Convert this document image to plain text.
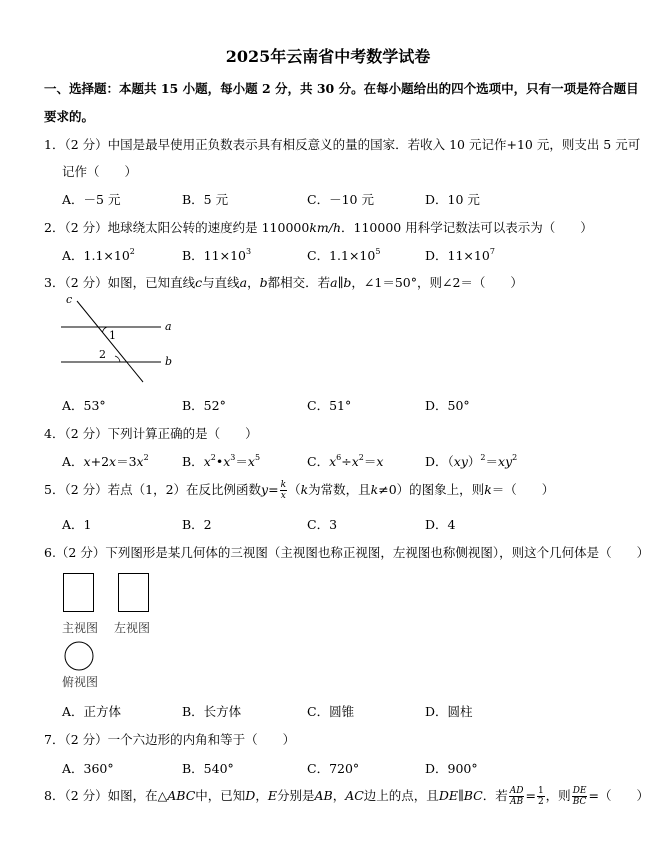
2025年云南省中考数学试卷
一、选择题：本题共 15 小题，每小题 2 分，共 30 分。在每小题给出的四个选项中，只有一项是符合题目
要求的。
1．（2 分）中国是最早使用正负数表示具有相反意义的量的国家．若收入 10 元记作+10 元，则支出 5 元可
记作（　　）
A．－5 元	B．5 元	C．－10 元	D．10 元
2．（2 分）地球绕太阳公转的速度约是 110000km/h．110000 用科学记数法可以表示为（　　）
A．$1.1\times 10^2$	B．$11\times 10^3$	C．$1.1\times 10^5$	D．$11\times 10^7$
3．（2 分）如图，已知直线c与直线a，b都相交．若a∥b，∠1＝50°，则∠2＝（　　）
c
a
b
1
2
A．53°	B．52°	C．51°	D．50°
4．（2 分）下列计算正确的是（　　）
A．$x+2x=3x^2$	B．$x^2•x^3=x^5$	C．$x^6\div x^2=x$	D．$(xy)^2=xy^2$
5．（2 分）若点（1，2）在反比例函数$y= \frac{k}{x} (k$为常数，且k≠0）的图象上，则k＝（　　）
A．1	B．2	C．3	D．4
6.（2 分）下列图形是某几何体的三视图（主视图也称正视图，左视图也称侧视图），则这个几何体是（　　）
主视图 左视图
俯视图
A．正方体	B．长方体	C．圆锥	D．圆柱
7．（2 分）一个六边形的内角和等于（　　）
A．360°	B．540°	C．720°	D．900°
8．（2 分）如图，在△ABC中，已知D，E分别是AB，AC边上的点，且DE∥BC．若 $\frac{AD}{AB} = \frac{1}{2}$ ，则 $\frac{DE}{BC}$ =（　　）
